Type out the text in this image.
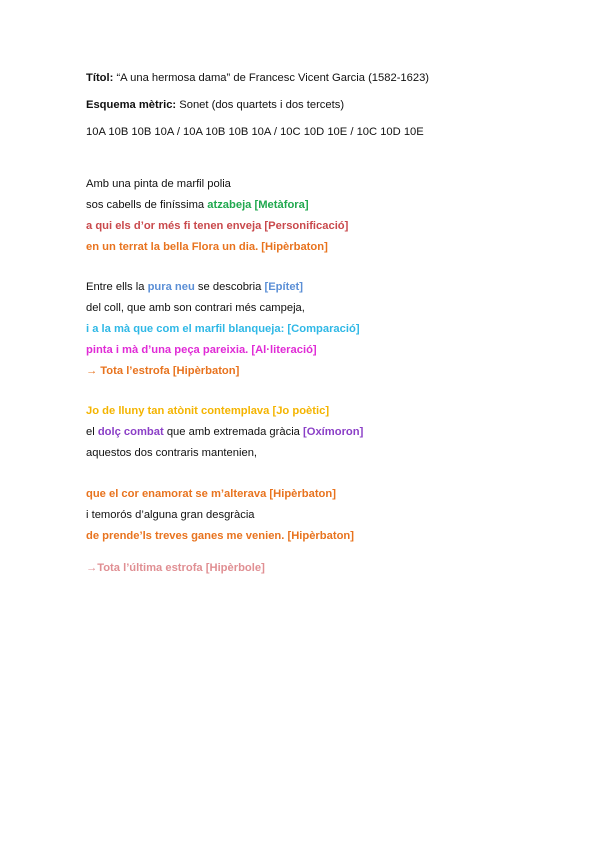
Títol: “A una hermosa dama” de Francesc Vicent Garcia (1582-1623)
Esquema mètric: Sonet (dos quartets i dos tercets)
10A 10B 10B 10A / 10A 10B 10B 10A / 10C 10D 10E / 10C 10D 10E
Amb una pinta de marfil polia
sos cabells de finíssima atzabeja [Metàfora]
a qui els d’or més fi tenen enveja [Personificació]
en un terrat la bella Flora un dia. [Hipèrbaton]
Entre ells la pura neu se descobria [Epítet]
del coll, que amb son contrari més campeja,
i a la mà que com el marfil blanqueja: [Comparació]
pinta i mà d’una peça pareixia. [Al·literació]
→ Tota l’estrofa [Hipèrbaton]
Jo de lluny tan atònit contemplava [Jo poètic]
el dolç combat que amb extremada gràcia [Oxímoron]
aquestos dos contraris mantenien,
que el cor enamorat se m’alterava [Hipèrbaton]
i temorós d’alguna gran desgràcia
de prende’ls treves ganes me venien. [Hipèrbaton]
→Tota l’última estrofa [Hipèrbole]
